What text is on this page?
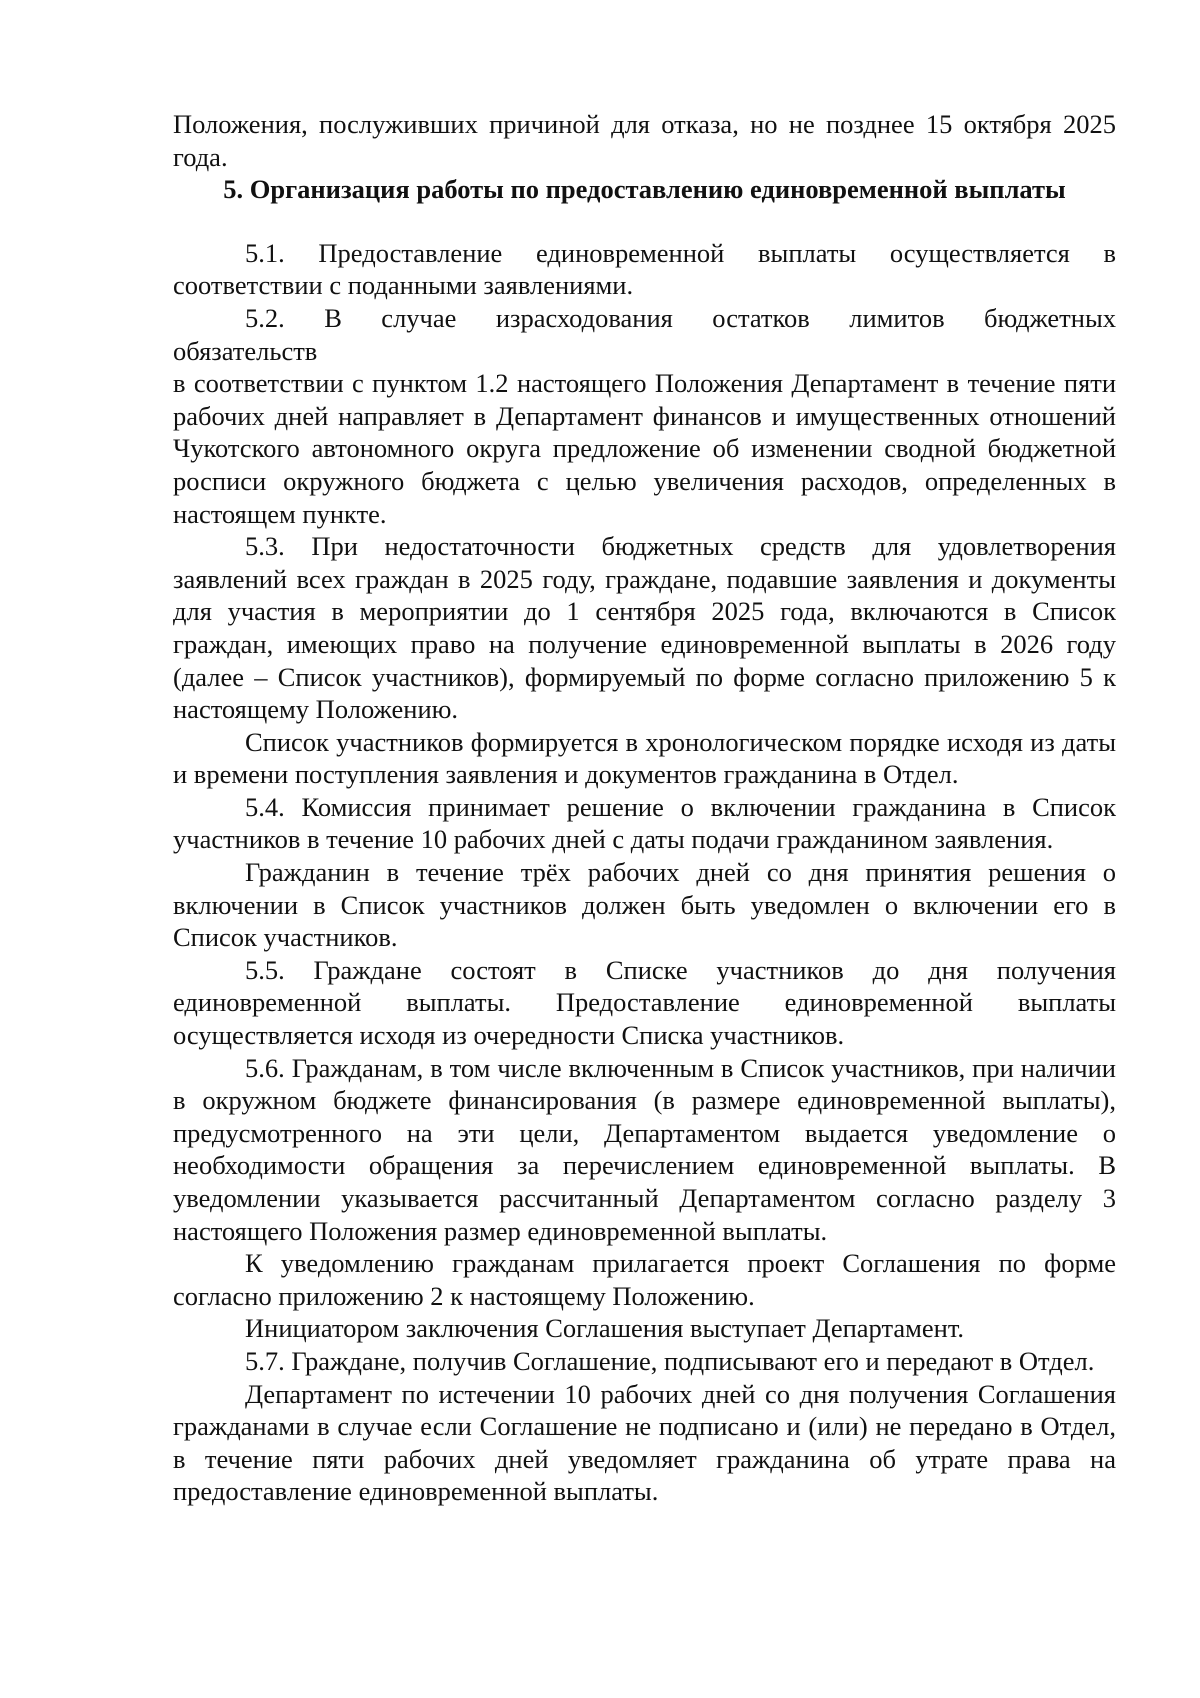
Положения, послуживших причиной для отказа, но не позднее 15 октября 2025 года.

5. Организация работы по предоставлению единовременной выплаты

5.1. Предоставление единовременной выплаты осуществляется в соответствии с поданными заявлениями.

5.2. В случае израсходования остатков лимитов бюджетных

обязательств

в соответствии с пунктом 1.2 настоящего Положения Департамент в течение пяти рабочих дней направляет в Департамент финансов и имущественных отношений Чукотского автономного округа предложение об изменении сводной бюджетной росписи окружного бюджета с целью увеличения расходов, определенных в настоящем пункте.

5.3. При недостаточности бюджетных средств для удовлетворения заявлений всех граждан в 2025 году, граждане, подавшие заявления и документы для участия в мероприятии до 1 сентября 2025 года, включаются в Список граждан, имеющих право на получение единовременной выплаты в 2026 году (далее – Список участников), формируемый по форме согласно приложению 5 к настоящему Положению.

Список участников формируется в хронологическом порядке исходя из даты и времени поступления заявления и документов гражданина в Отдел.

5.4. Комиссия принимает решение о включении гражданина в Список участников в течение 10 рабочих дней с даты подачи гражданином заявления.

Гражданин в течение трёх рабочих дней со дня принятия решения о включении в Список участников должен быть уведомлен о включении его в Список участников.

5.5. Граждане состоят в Списке участников до дня получения единовременной выплаты. Предоставление единовременной выплаты осуществляется исходя из очередности Списка участников.

5.6. Гражданам, в том числе включенным в Список участников, при наличии в окружном бюджете финансирования (в размере единовременной выплаты), предусмотренного на эти цели, Департаментом выдается уведомление о необходимости обращения за перечислением единовременной выплаты. В уведомлении указывается рассчитанный Департаментом согласно разделу 3 настоящего Положения размер единовременной выплаты.

К уведомлению гражданам прилагается проект Соглашения по форме согласно приложению 2 к настоящему Положению.

Инициатором заключения Соглашения выступает Департамент.

5.7. Граждане, получив Соглашение, подписывают его и передают в Отдел.

Департамент по истечении 10 рабочих дней со дня получения Соглашения гражданами в случае если Соглашение не подписано и (или) не передано в Отдел, в течение пяти рабочих дней уведомляет гражданина об утрате права на предоставление единовременной выплаты.
